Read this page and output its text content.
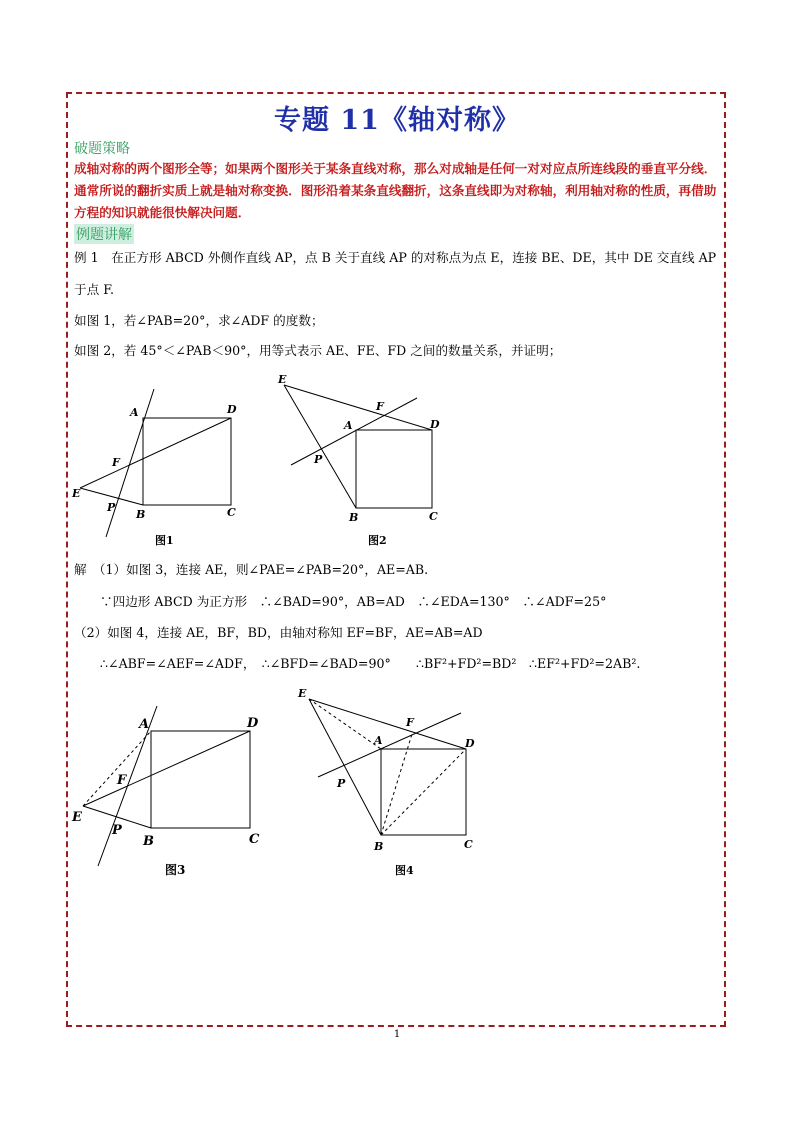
专题 11《轴对称》
破题策略
成轴对称的两个图形全等；如果两个图形关于某条直线对称，那么对成轴是任何一对对应点所连线段的垂直平分线．通常所说的翻折实质上就是轴对称变换．图形沿着某条直线翻折，这条直线即为对称轴，利用轴对称的性质，再借助方程的知识就能很快解决问题．
例题讲解
例 1　在正方形 ABCD 外侧作直线 AP，点 B 关于直线 AP 的对称点为点 E，连接 BE、DE，其中 DE 交直线 AP
于点 F.
如图 1，若∠PAB=20°，求∠ADF 的度数；
如图 2，若 45°＜∠PAB＜90°，用等式表示 AE、FE、FD 之间的数量关系，并证明；
A	D
F
E
P
B	C
图1
E
F
A	D
P
B	C
图2
解　（1）如图 3，连接 AE，则∠PAE=∠PAB=20°，AE=AB.
∵四边形 ABCD 为正方形　∴∠BAD=90°，AB=AD　∴∠EDA=130°　∴∠ADF=25°
（2）如图 4，连接 AE，BF，BD，由轴对称知 EF=BF，AE=AB=AD
∴∠ABF=∠AEF=∠ADF，　∴∠BFD=∠BAD=90°　　∴BF²+FD²=BD²　∴EF²+FD²=2AB².
A	D
F
E
P
B	C
图3
E
F
A	D
P
B	C
图4
1
